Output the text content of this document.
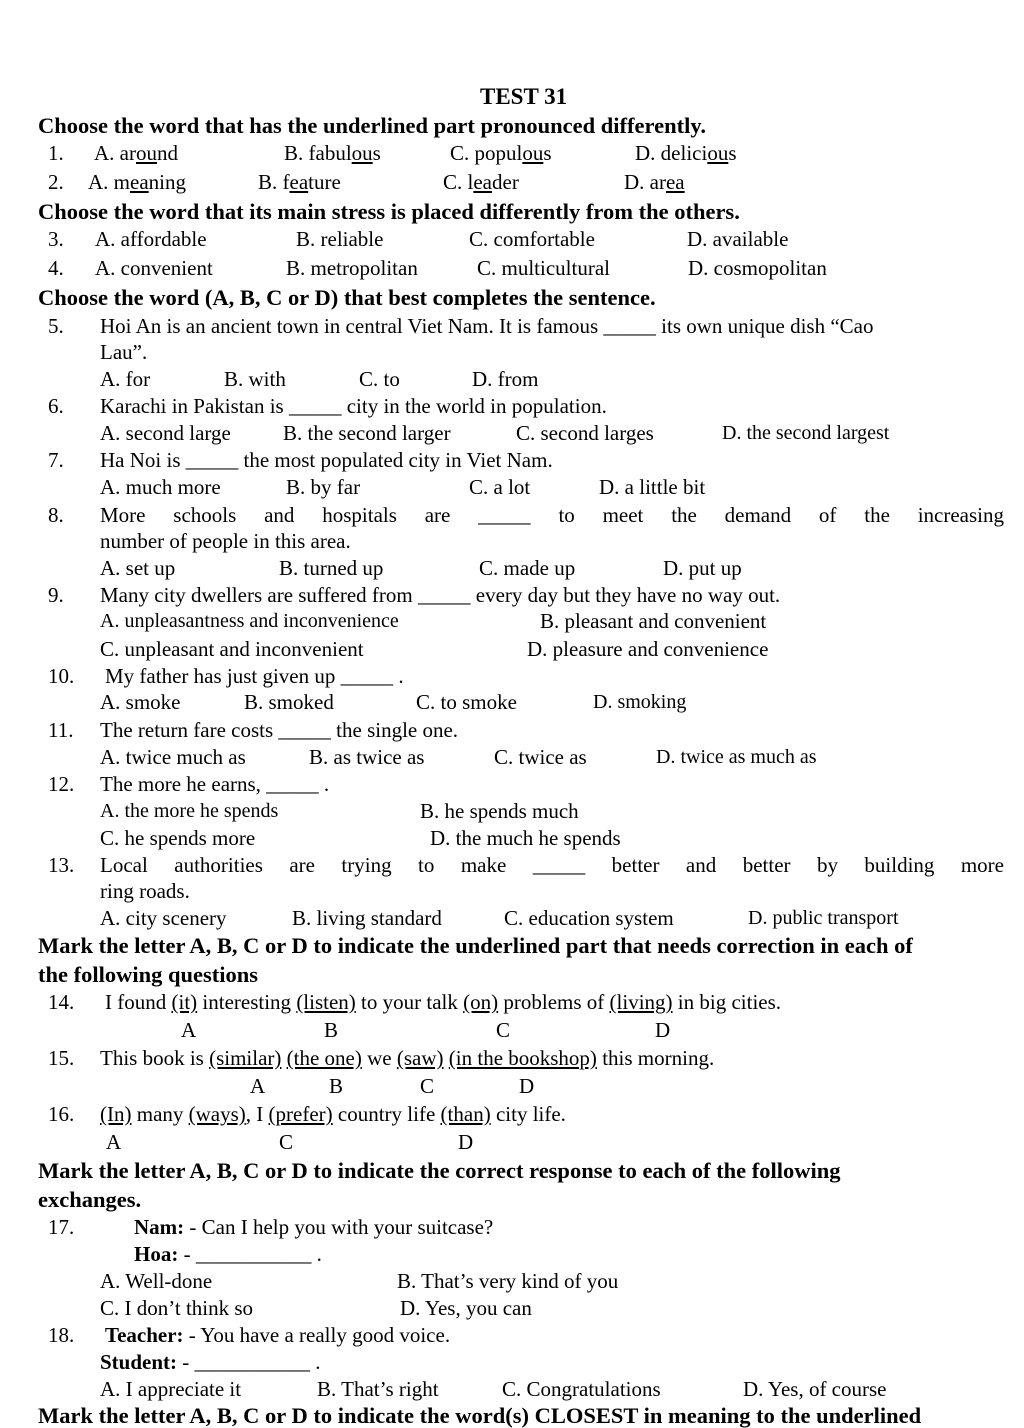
TEST 31
Choose the word that has the underlined part pronounced differently.
1. A. around	B. fabulous	C. populous	D. delicious
2. A. meaning	B. feature	C. leader	D. area
Choose the word that its main stress is placed differently from the others.
3. A. affordable	B. reliable	C. comfortable	D. available
4. A. convenient	B. metropolitan	C. multicultural	D. cosmopolitan
Choose the word (A, B, C or D) that best completes the sentence.
5. Hoi An is an ancient town in central Viet Nam. It is famous _____ its own unique dish “Cao
Lau”.
A. for	B. with	C. to	D. from
6. Karachi in Pakistan is _____ city in the world in population.
A. second large B. the second larger	C. second larges	D. the second largest
7. Ha Noi is _____ the most populated city in Viet Nam.
A. much more	B. by far	C. a lot	D. a little bit
8. More schools and hospitals are _____ to meet the demand of the increasing
number of people in this area.
A. set up	B. turned up	C. made up	D. put up
9. Many city dwellers are suffered from _____ every day but they have no way out.
A. unpleasantness and inconvenience	B. pleasant and convenient
C. unpleasant and inconvenient	D. pleasure and convenience
10. My father has just given up _____ .
A. smoke	B. smoked	C. to smoke	D. smoking
11. The return fare costs _____ the single one.
A. twice much as	B. as twice as	C. twice as	D. twice as much as
12. The more he earns, _____ .
A. the more he spends	B. he spends much
C. he spends more	D. the much he spends
13. Local authorities are trying to make _____ better and better by building more
ring roads.
A. city scenery	B. living standard	C. education system	D. public transport
Mark the letter A, B, C or D to indicate the underlined part that needs correction in each of
the following questions
14. I found (it) interesting (listen) to your talk (on) problems of (living) in big cities.
A	B	C	D
15. This book is (similar) (the one) we (saw) (in the bookshop) this morning.
A	B	C	D
16. (In) many (ways), I (prefer) country life (than) city life.
A	C	D
Mark the letter A, B, C or D to indicate the correct response to each of the following
exchanges.
17.	Nam: - Can I help you with your suitcase?
Hoa: - ___________ .
A. Well-done	B. That’s very kind of you
C. I don’t think so	D. Yes, you can
18. Teacher: - You have a really good voice.
Student: - ___________ .
A. I appreciate it	B. That’s right	C. Congratulations	D. Yes, of course
Mark the letter A, B, C or D to indicate the word(s) CLOSEST in meaning to the underlined
